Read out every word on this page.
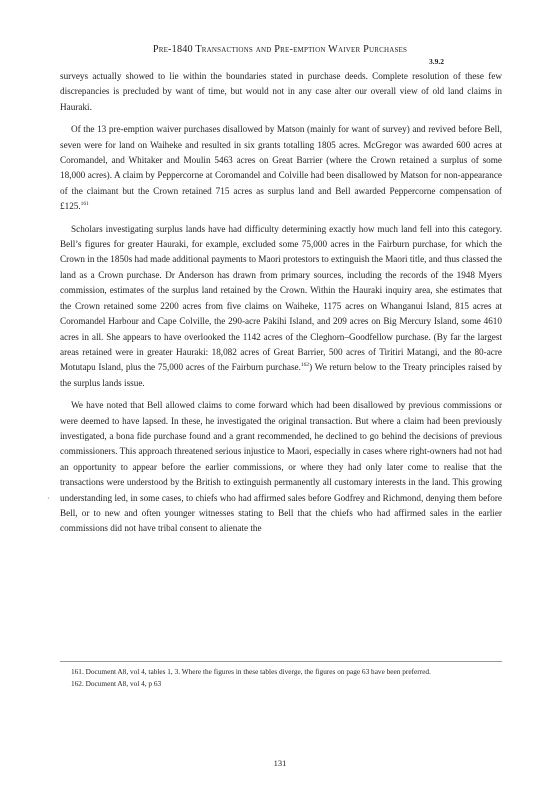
Pre-1840 Transactions and Pre-emption Waiver Purchases
3.9.2

surveys actually showed to lie within the boundaries stated in purchase deeds. Complete resolution of these few discrepancies is precluded by want of time, but would not in any case alter our overall view of old land claims in Hauraki.

Of the 13 pre-emption waiver purchases disallowed by Matson (mainly for want of survey) and revived before Bell, seven were for land on Waiheke and resulted in six grants totalling 1805 acres. McGregor was awarded 600 acres at Coromandel, and Whitaker and Moulin 5463 acres on Great Barrier (where the Crown retained a surplus of some 18,000 acres). A claim by Peppercorne at Coromandel and Colville had been disallowed by Matson for non-appearance of the claimant but the Crown retained 715 acres as surplus land and Bell awarded Peppercorne compensation of £125.$^{161}$

Scholars investigating surplus lands have had difficulty determining exactly how much land fell into this category. Bell’s figures for greater Hauraki, for example, excluded some 75,000 acres in the Fairburn purchase, for which the Crown in the 1850s had made additional payments to Maori protestors to extinguish the Maori title, and thus classed the land as a Crown purchase. Dr Anderson has drawn from primary sources, including the records of the 1948 Myers commission, estimates of the surplus land retained by the Crown. Within the Hauraki inquiry area, she estimates that the Crown retained some 2200 acres from five claims on Waiheke, 1175 acres on Whanganui Island, 815 acres at Coromandel Harbour and Cape Colville, the 290-acre Pakihi Island, and 209 acres on Big Mercury Island, some 4610 acres in all. She appears to have overlooked the 1142 acres of the Cleghorn–Goodfellow purchase. (By far the largest areas retained were in greater Hauraki: 18,082 acres of Great Barrier, 500 acres of Tiritiri Matangi, and the 80-acre Motutapu Island, plus the 75,000 acres of the Fairburn purchase.$^{162}$) We return below to the Treaty principles raised by the surplus lands issue.

We have noted that Bell allowed claims to come forward which had been disallowed by previous commissions or were deemed to have lapsed. In these, he investigated the original transaction. But where a claim had been previously investigated, a bona fide purchase found and a grant recommended, he declined to go behind the decisions of previous commissioners. This approach threatened serious injustice to Maori, especially in cases where right-owners had not had an opportunity to appear before the earlier commissions, or where they had only later come to realise that the transactions were understood by the British to extinguish permanently all customary interests in the land. This growing understanding led, in some cases, to chiefs who had affirmed sales before Godfrey and Richmond, denying them before Bell, or to new and often younger witnesses stating to Bell that the chiefs who had affirmed sales in the earlier commissions did not have tribal consent to alienate the

·

161. Document A8, vol 4, tables 1, 3. Where the figures in these tables diverge, the figures on page 63 have been preferred.

162. Document A8, vol 4, p 63

131
